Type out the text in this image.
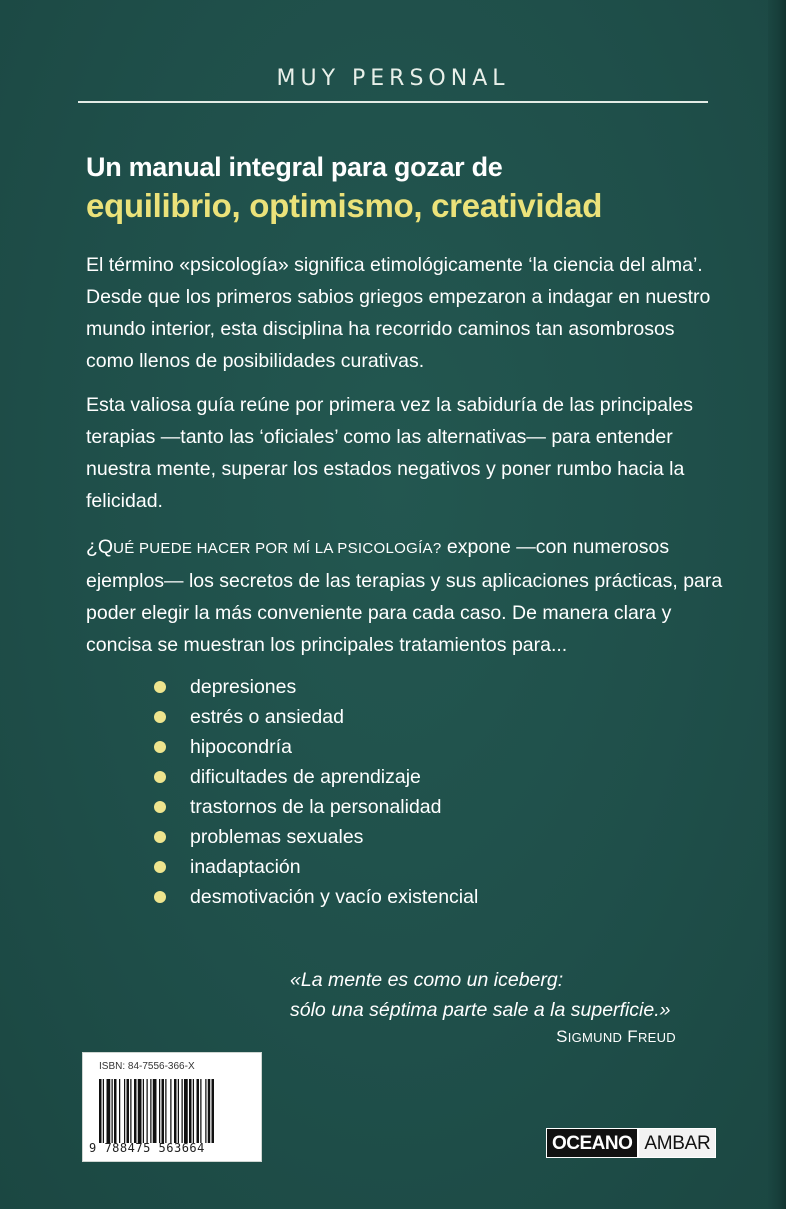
MUY PERSONAL
Un manual integral para gozar de
equilibrio, optimismo, creatividad
El término «psicología» significa etimológicamente ‘la ciencia del alma’. Desde que los primeros sabios griegos empezaron a indagar en nuestro mundo interior, esta disciplina ha recorrido caminos tan asombrosos como llenos de posibilidades curativas.
Esta valiosa guía reúne por primera vez la sabiduría de las principales terapias —tanto las ‘oficiales’ como las alternativas— para entender nuestra mente, superar los estados negativos y poner rumbo hacia la felicidad.
¿QUÉ PUEDE HACER POR MÍ LA PSICOLOGÍA? expone —con numerosos ejemplos— los secretos de las terapias y sus aplicaciones prácticas, para poder elegir la más conveniente para cada caso. De manera clara y concisa se muestran los principales tratamientos para...
depresiones
estrés o ansiedad
hipocondría
dificultades de aprendizaje
trastornos de la personalidad
problemas sexuales
inadaptación
desmotivación y vacío existencial
«La mente es como un iceberg:
sólo una séptima parte sale a la superficie.»
SIGMUND FREUD
ISBN: 84-7556-366-X
9 788475 563664	OCEANO AMBAR
